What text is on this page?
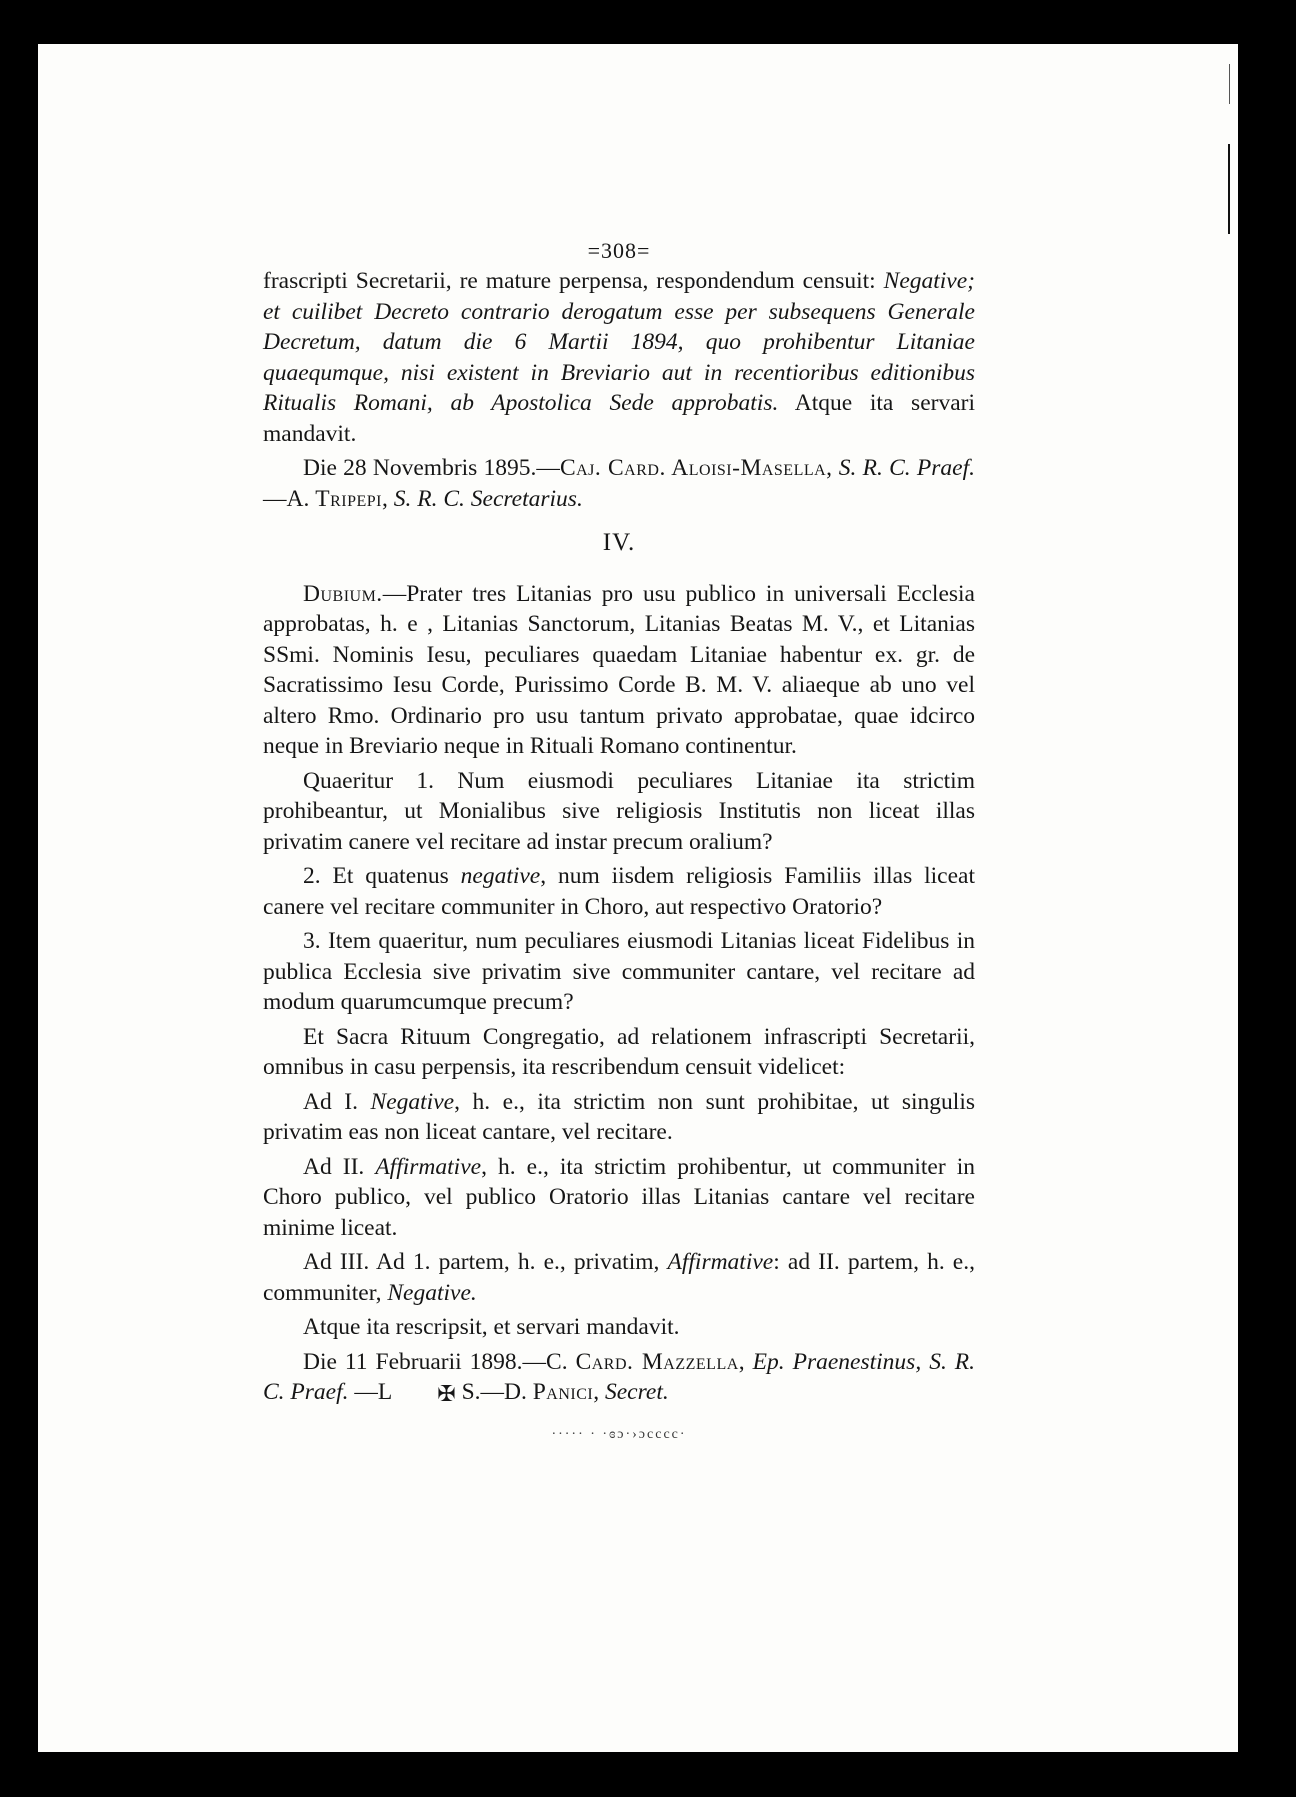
=308=

frascripti Secretarii, re mature perpensa, respondendum censuit: Negative; et cuilibet Decreto contrario derogatum esse per subsequens Generale Decretum, datum die 6 Martii 1894, quo prohibentur Litaniae quaequmque, nisi existent in Breviario aut in recentioribus editionibus Ritualis Romani, ab Apostolica Sede approbatis. Atque ita servari mandavit.

Die 28 Novembris 1895.—Caj. Card. Aloisi-Masella, S. R. C. Praef.—A. Tripepi, S. R. C. Secretarius.

IV.

Dubium.—Prater tres Litanias pro usu publico in universali Ecclesia approbatas, h. e , Litanias Sanctorum, Litanias Beatas M. V., et Litanias SSmi. Nominis Iesu, peculiares quaedam Litaniae habentur ex. gr. de Sacratissimo Iesu Corde, Purissimo Corde B. M. V. aliaeque ab uno vel altero Rmo. Ordinario pro usu tantum privato approbatae, quae idcirco neque in Breviario neque in Rituali Romano continentur.

Quaeritur 1. Num eiusmodi peculiares Litaniae ita strictim prohibeantur, ut Monialibus sive religiosis Institutis non liceat illas privatim canere vel recitare ad instar precum oralium?

2. Et quatenus negative, num iisdem religiosis Familiis illas liceat canere vel recitare communiter in Choro, aut respectivo Oratorio?

3. Item quaeritur, num peculiares eiusmodi Litanias liceat Fidelibus in publica Ecclesia sive privatim sive communiter cantare, vel recitare ad modum quarumcumque precum?

Et Sacra Rituum Congregatio, ad relationem infrascripti Secretarii, omnibus in casu perpensis, ita rescribendum censuit videlicet:

Ad I. Negative, h. e., ita strictim non sunt prohibitae, ut singulis privatim eas non liceat cantare, vel recitare.

Ad II. Affirmative, h. e., ita strictim prohibentur, ut communiter in Choro publico, vel publico Oratorio illas Litanias cantare vel recitare minime liceat.

Ad III. Ad 1. partem, h. e., privatim, Affirmative: ad II. partem, h. e., communiter, Negative.

Atque ita rescripsit, et servari mandavit.

Die 11 Februarii 1898.—C. Card. Mazzella, Ep. Praenestinus, S. R. C. Praef. —L ✠ S.—D. Panici, Secret.

····· · ·ɞɔ·›ɔcccc·
